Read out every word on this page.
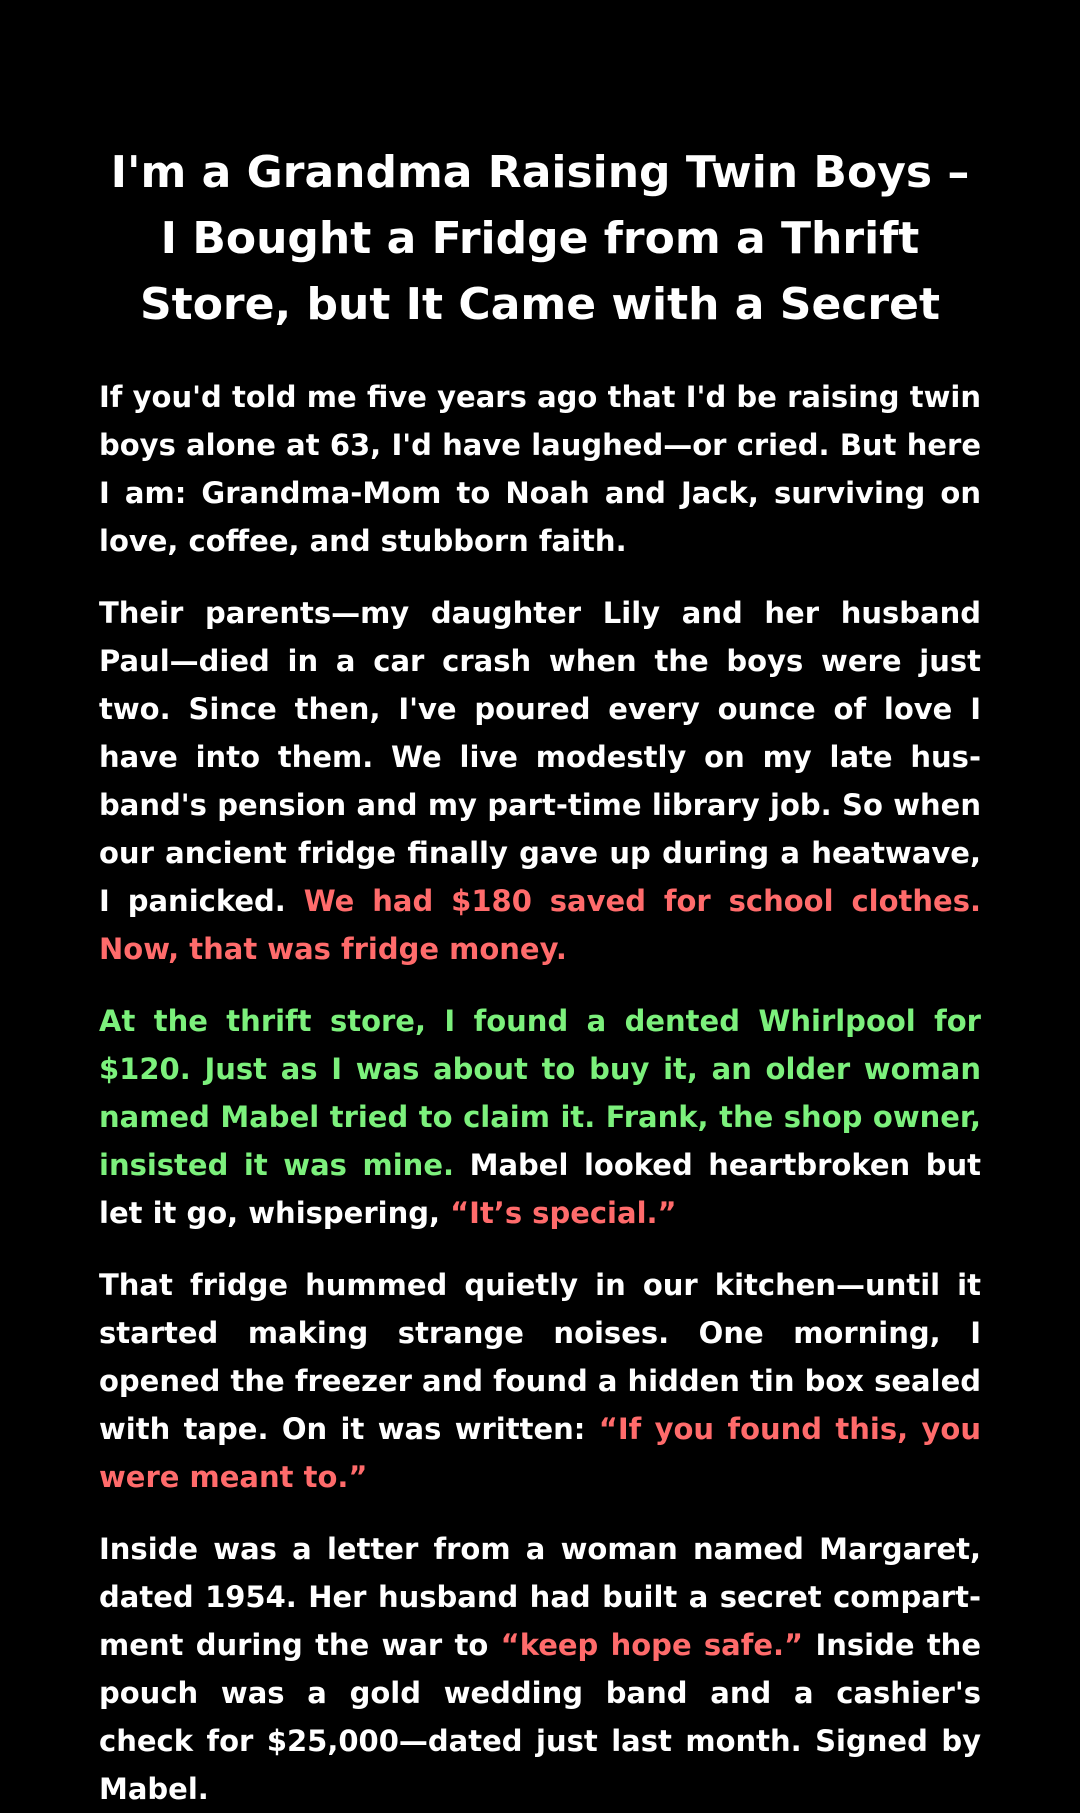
I'm a Grandma Raising Twin Boys – I Bought a Fridge from a Thrift Store, but It Came with a Secret

If you'd told me five years ago that I'd be raising twin boys alone at 63, I'd have laughed—or cried. But here I am: Grandma-Mom to Noah and Jack, surviving on love, coffee, and stubborn faith.

Their parents—my daughter Lily and her husband Paul—died in a car crash when the boys were just two. Since then, I've poured every ounce of love I have into them. We live modestly on my late husband's pension and my part-time library job. So when our ancient fridge finally gave up during a heatwave, I panicked. We had $180 saved for school clothes. Now, that was fridge money.

At the thrift store, I found a dented Whirlpool for $120. Just as I was about to buy it, an older woman named Mabel tried to claim it. Frank, the shop owner, insisted it was mine. Mabel looked heartbroken but let it go, whispering, “It’s special.”

That fridge hummed quietly in our kitchen—until it started making strange noises. One morning, I opened the freezer and found a hidden tin box sealed with tape. On it was written: “If you found this, you were meant to.”

Inside was a letter from a woman named Margaret, dated 1954. Her husband had built a secret compartment during the war to “keep hope safe.” Inside the pouch was a gold wedding band and a cashier's check for $25,000—dated just last month. Signed by Mabel.
